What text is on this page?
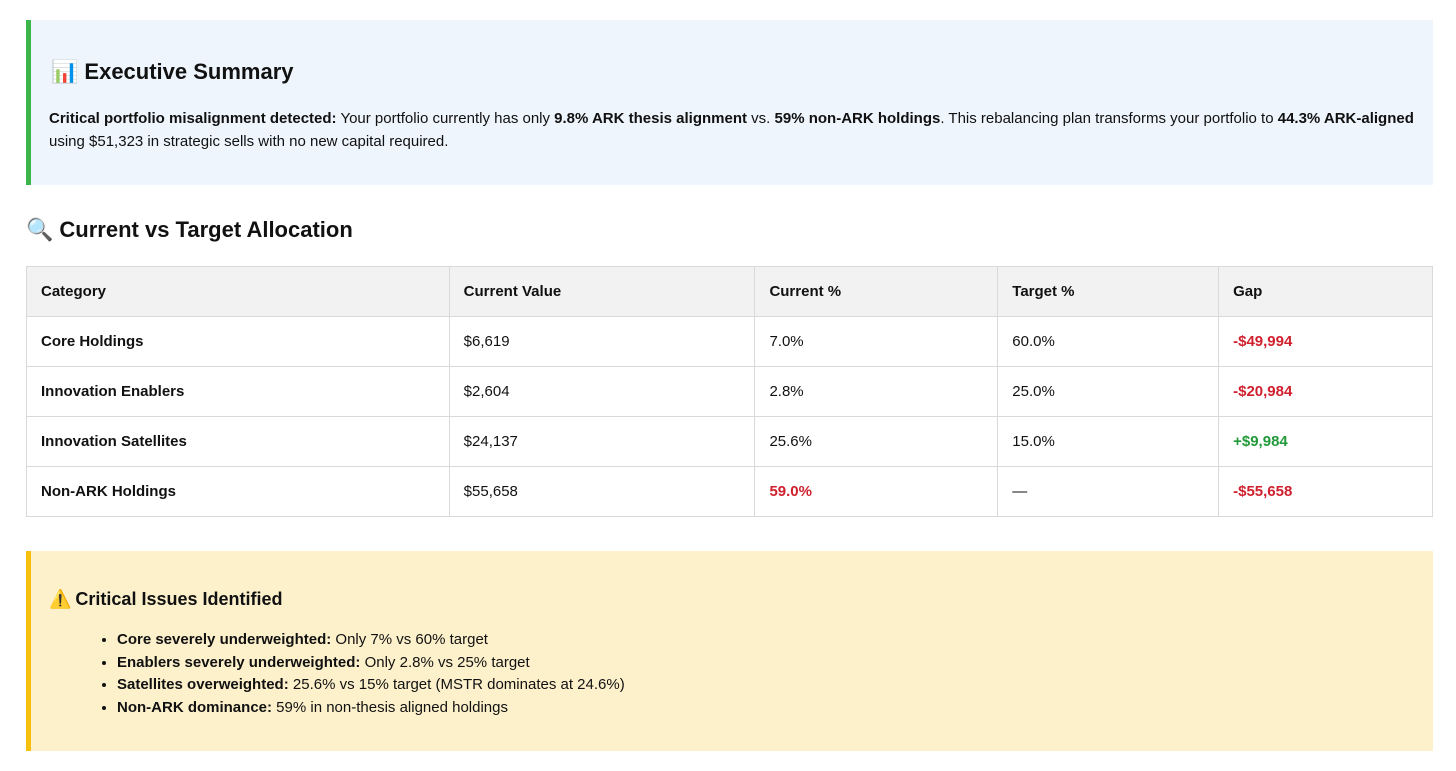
📊 Executive Summary
Critical portfolio misalignment detected: Your portfolio currently has only 9.8% ARK thesis alignment vs. 59% non-ARK holdings. This rebalancing plan transforms your portfolio to 44.3% ARK-aligned using $51,323 in strategic sells with no new capital required.
🔍 Current vs Target Allocation
Category	Current Value	Current %	Target %	Gap
Core Holdings	$6,619	7.0%	60.0%	-$49,994
Innovation Enablers	$2,604	2.8%	25.0%	-$20,984
Innovation Satellites	$24,137	25.6%	15.0%	+$9,984
Non-ARK Holdings	$55,658	59.0%	—	-$55,658
⚠️ Critical Issues Identified
• Core severely underweighted: Only 7% vs 60% target
• Enablers severely underweighted: Only 2.8% vs 25% target
• Satellites overweighted: 25.6% vs 15% target (MSTR dominates at 24.6%)
• Non-ARK dominance: 59% in non-thesis aligned holdings
